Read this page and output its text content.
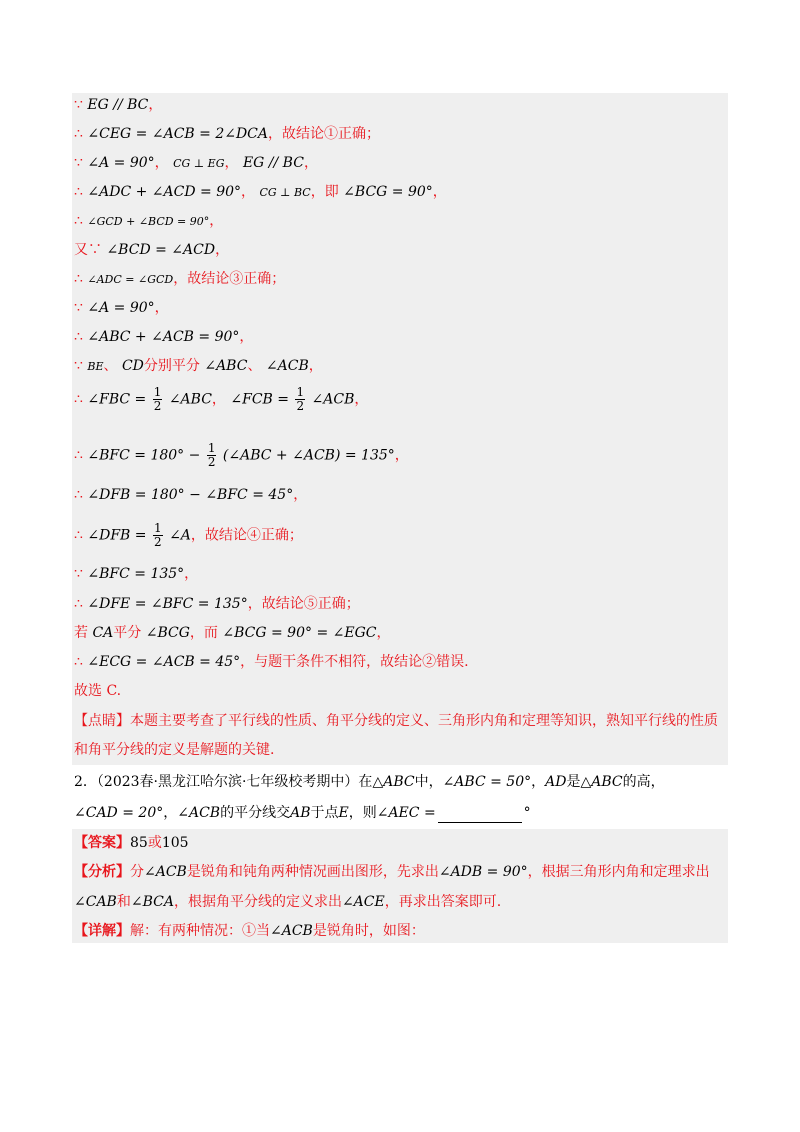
∵ EG // BC，
∴ ∠CEG = ∠ACB = 2∠DCA，故结论①正确；
∵ ∠A = 90°， CG ⊥ EG， EG // BC，
∴ ∠ADC + ∠ACD = 90°， CG ⊥ BC，即 ∠BCG = 90°，
∴ ∠GCD + ∠BCD = 90°，
又∵ ∠BCD = ∠ACD，
∴ ∠ADC = ∠GCD，故结论③正确；
∵ ∠A = 90°，
∴ ∠ABC + ∠ACB = 90°，
∵ BE、 CD分别平分 ∠ABC、 ∠ACB，
∴ ∠FBC = $\frac{1}{2}$ ∠ABC， ∠FCB = $\frac{1}{2}$ ∠ACB，
∴ ∠BFC = $180^\circ - \frac{1}{2}$ (∠ABC + ∠ACB) = 135°，
∴ ∠DFB = 180° − ∠BFC = 45°，
∴ ∠DFB = $\frac{1}{2}$ ∠A，故结论④正确；
∵ ∠BFC = 135°，
∴ ∠DFE = ∠BFC = 135°，故结论⑤正确；
若 CA平分 ∠BCG，而 ∠BCG = 90° = ∠EGC，
∴ ∠ECG = ∠ACB = 45°，与题干条件不相符，故结论②错误.
故选 C.
【点睛】本题主要考查了平行线的性质、角平分线的定义、三角形内角和定理等知识，熟知平行线的性质
和角平分线的定义是解题的关键.
2．（2023春·黑龙江哈尔滨·七年级校考期中）在△ABC中，∠ABC = 50°，AD是△ABC的高，
∠CAD = 20°，∠ACB的平分线交AB于点E，则∠AEC =	°
【答案】85或105
【分析】分∠ACB是锐角和钝角两种情况画出图形，先求出∠ADB = 90°，根据三角形内角和定理求出
∠CAB和∠BCA，根据角平分线的定义求出∠ACE，再求出答案即可.
【详解】解：有两种情况：①当∠ACB是锐角时，如图：
